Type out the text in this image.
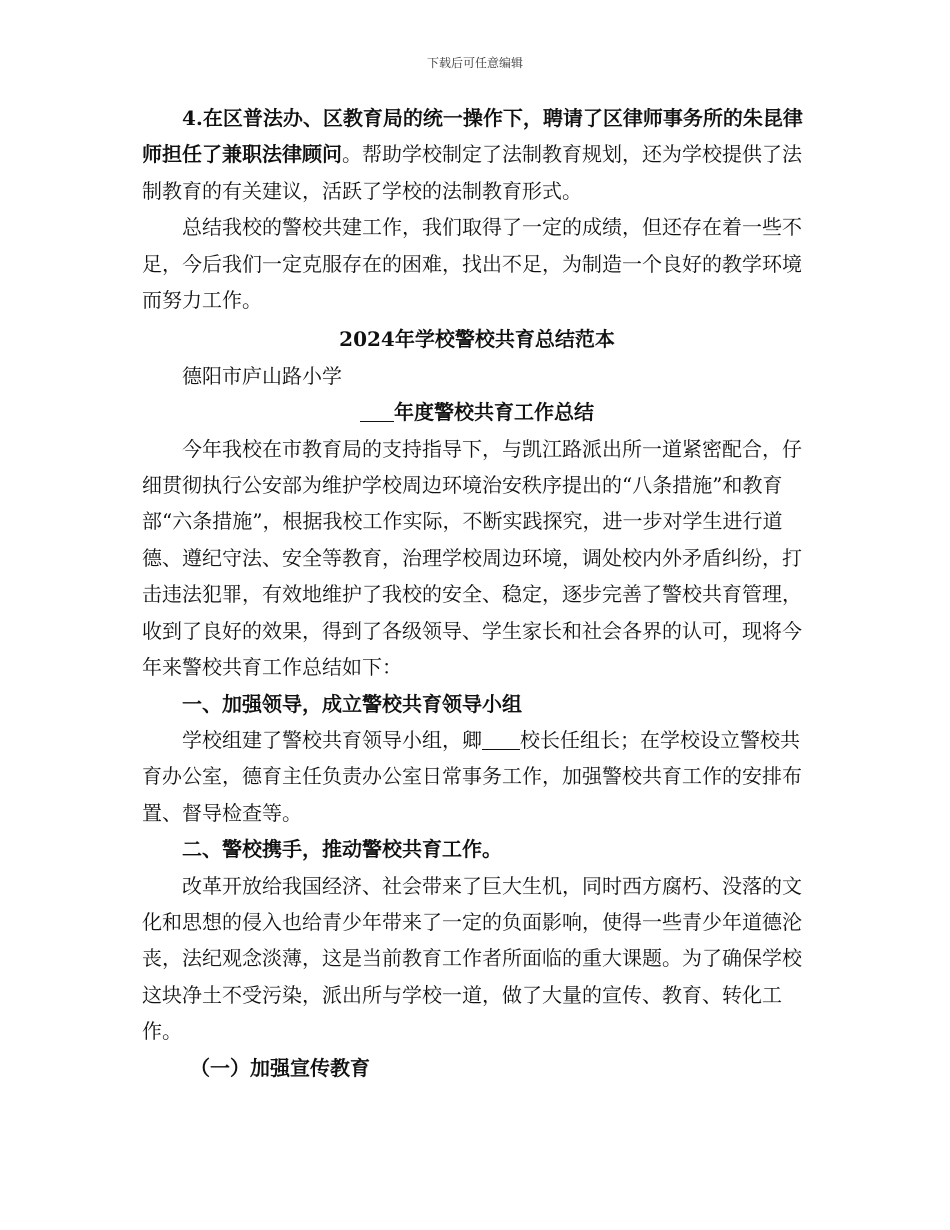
下载后可任意编辑

4.在区普法办、区教育局的统一操作下，聘请了区律师事务所的朱昆律师担任了兼职法律顾问。帮助学校制定了法制教育规划，还为学校提供了法制教育的有关建议，活跃了学校的法制教育形式。

总结我校的警校共建工作，我们取得了一定的成绩，但还存在着一些不足，今后我们一定克服存在的困难，找出不足，为制造一个良好的教学环境而努力工作。

2024年学校警校共育总结范本

德阳市庐山路小学

年度警校共育工作总结

今年我校在市教育局的支持指导下，与凯江路派出所一道紧密配合，仔细贯彻执行公安部为维护学校周边环境治安秩序提出的“八条措施”和教育部“六条措施”，根据我校工作实际，不断实践探究，进一步对学生进行道德、遵纪守法、安全等教育，治理学校周边环境，调处校内外矛盾纠纷，打击违法犯罪，有效地维护了我校的安全、稳定，逐步完善了警校共育管理，收到了良好的效果，得到了各级领导、学生家长和社会各界的认可，现将今年来警校共育工作总结如下：

一、加强领导，成立警校共育领导小组

学校组建了警校共育领导小组，卿 校长任组长；在学校设立警校共育办公室，德育主任负责办公室日常事务工作，加强警校共育工作的安排布置、督导检查等。

二、警校携手，推动警校共育工作。

改革开放给我国经济、社会带来了巨大生机，同时西方腐朽、没落的文化和思想的侵入也给青少年带来了一定的负面影响，使得一些青少年道德沦丧，法纪观念淡薄，这是当前教育工作者所面临的重大课题。为了确保学校这块净土不受污染，派出所与学校一道，做了大量的宣传、教育、转化工作。

（一）加强宣传教育
